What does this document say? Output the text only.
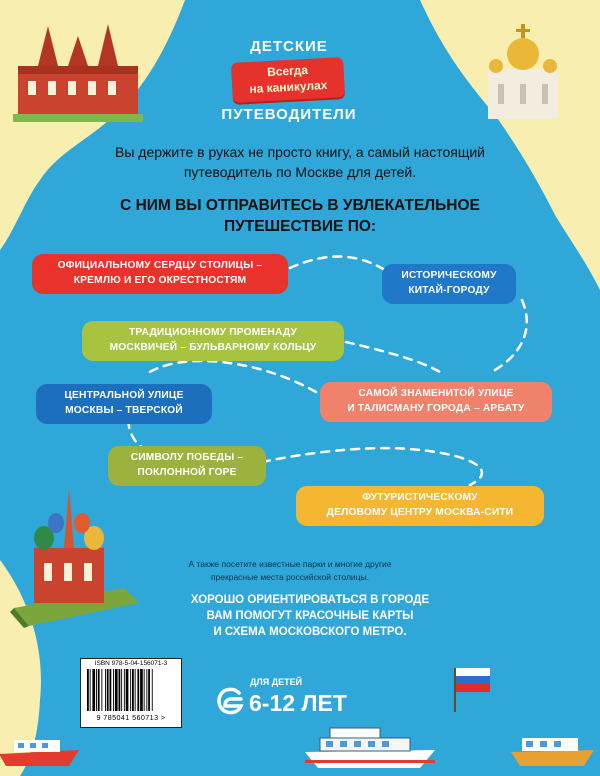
ДЕТСКИЕ
Всегда
на каникулах
ПУТЕВОДИТЕЛИ
Вы держите в руках не просто книгу, а самый настоящий
путеводитель по Москве для детей.
С НИМ ВЫ ОТПРАВИТЕСЬ В УВЛЕКАТЕЛЬНОЕ
ПУТЕШЕСТВИЕ ПО:
ОФИЦИАЛЬНОМУ СЕРДЦУ СТОЛИЦЫ –
КРЕМЛЮ И ЕГО ОКРЕСТНОСТЯМ	ИСТОРИЧЕСКОМУ
КИТАЙ-ГОРОДУ
ТРАДИЦИОННОМУ ПРОМЕНАДУ
МОСКВИЧЕЙ – БУЛЬВАРНОМУ КОЛЬЦУ
ЦЕНТРАЛЬНОЙ УЛИЦЕ
МОСКВЫ – ТВЕРСКОЙ
САМОЙ ЗНАМЕНИТОЙ УЛИЦЕ
И ТАЛИСМАНУ ГОРОДА – АРБАТУ
СИМВОЛУ ПОБЕДЫ –
ПОКЛОННОЙ ГОРЕ
ФУТУРИСТИЧЕСКОМУ
ДЕЛОВОМУ ЦЕНТРУ МОСКВА-СИТИ
А также посетите известные парки и многие другие
прекрасные места российской столицы.
ХОРОШО ОРИЕНТИРОВАТЬСЯ В ГОРОДЕ
ВАМ ПОМОГУТ КРАСОЧНЫЕ КАРТЫ
И СХЕМА МОСКОВСКОГО МЕТРО.
ISBN 978-5-04-156071-3
9 785041 560713 >
ДЛЯ ДЕТЕЙ
6-12 ЛЕТ
